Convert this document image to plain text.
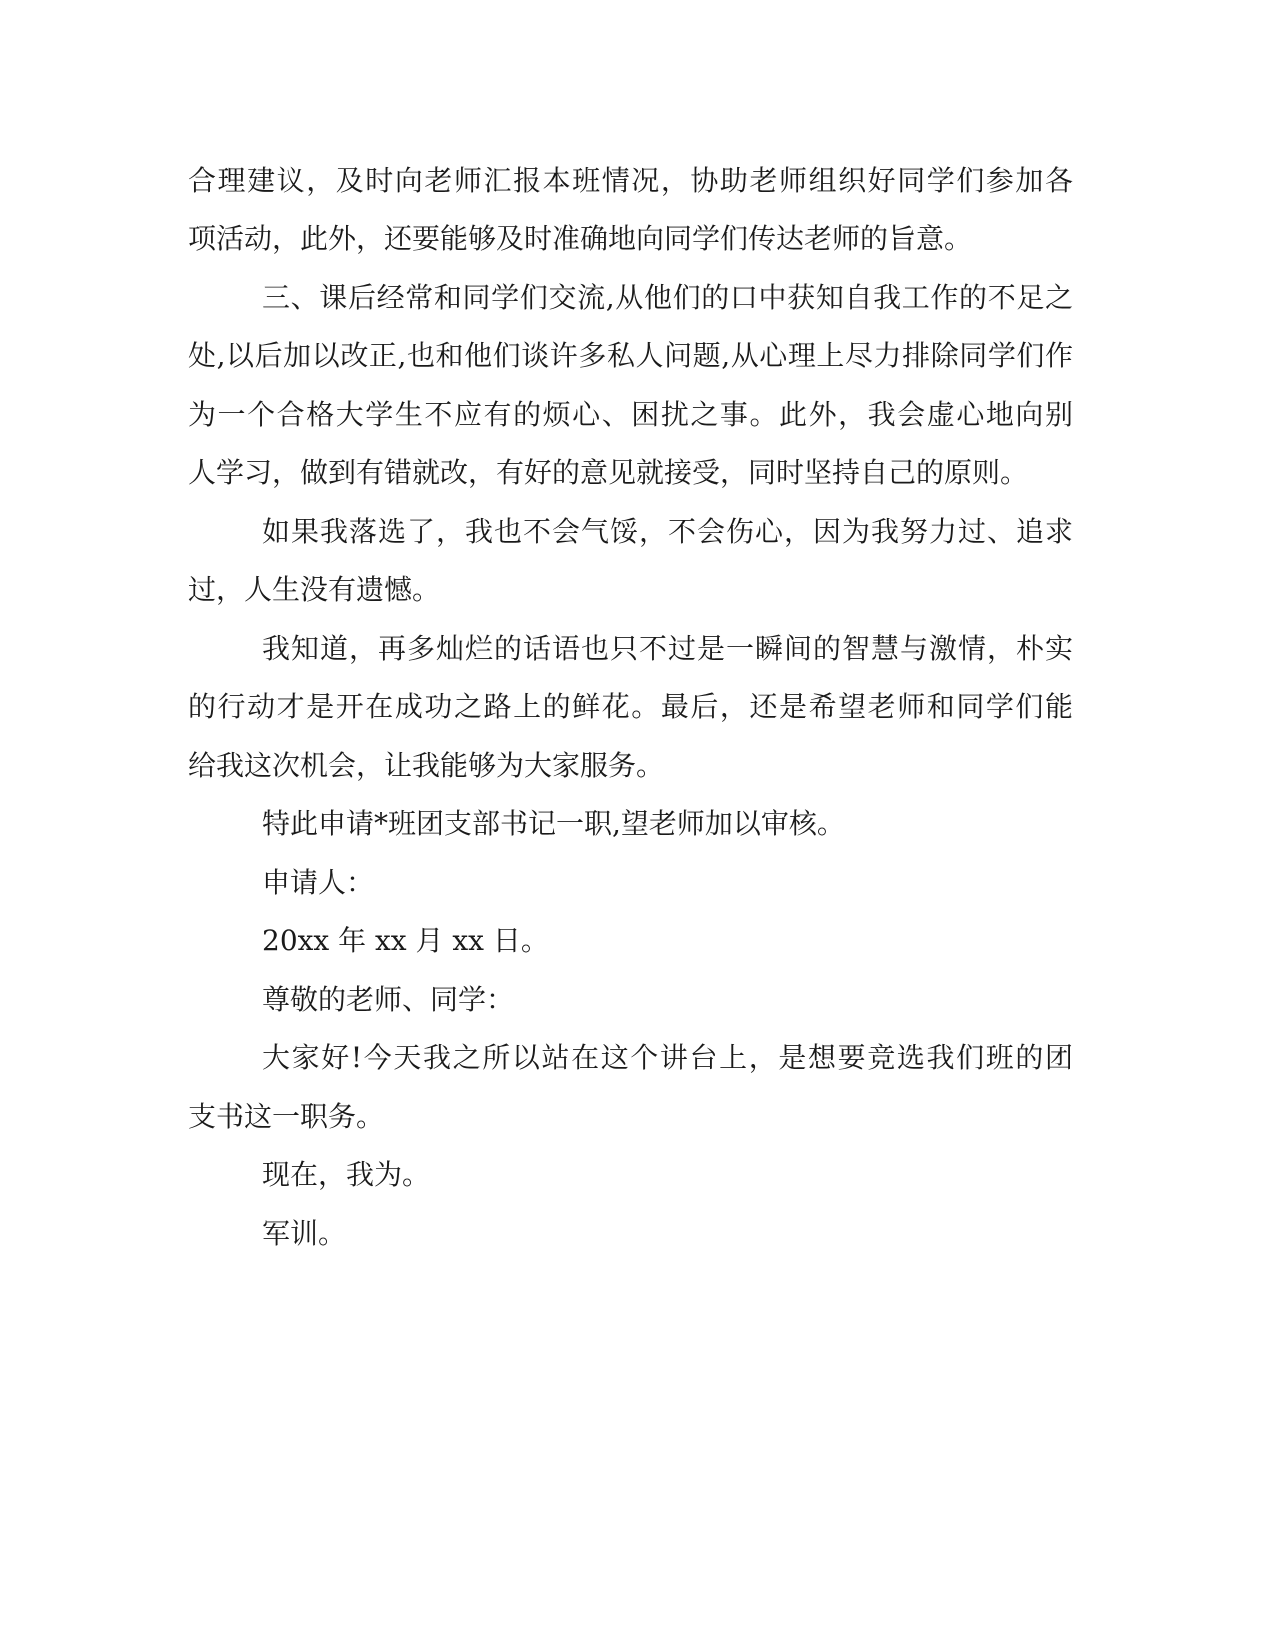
合理建议，及时向老师汇报本班情况，协助老师组织好同学们参加各
项活动，此外，还要能够及时准确地向同学们传达老师的旨意。
三、课后经常和同学们交流,从他们的口中获知自我工作的不足之
处,以后加以改正,也和他们谈许多私人问题,从心理上尽力排除同学们作
为一个合格大学生不应有的烦心、困扰之事。此外，我会虚心地向别
人学习，做到有错就改，有好的意见就接受，同时坚持自己的原则。
如果我落选了，我也不会气馁，不会伤心，因为我努力过、追求
过，人生没有遗憾。
我知道，再多灿烂的话语也只不过是一瞬间的智慧与激情，朴实
的行动才是开在成功之路上的鲜花。最后，还是希望老师和同学们能
给我这次机会，让我能够为大家服务。
特此申请*班团支部书记一职,望老师加以审核。
申请人：
20xx 年 xx 月 xx 日。
尊敬的老师、同学：
大家好!今天我之所以站在这个讲台上，是想要竞选我们班的团
支书这一职务。
现在，我为。
军训。
